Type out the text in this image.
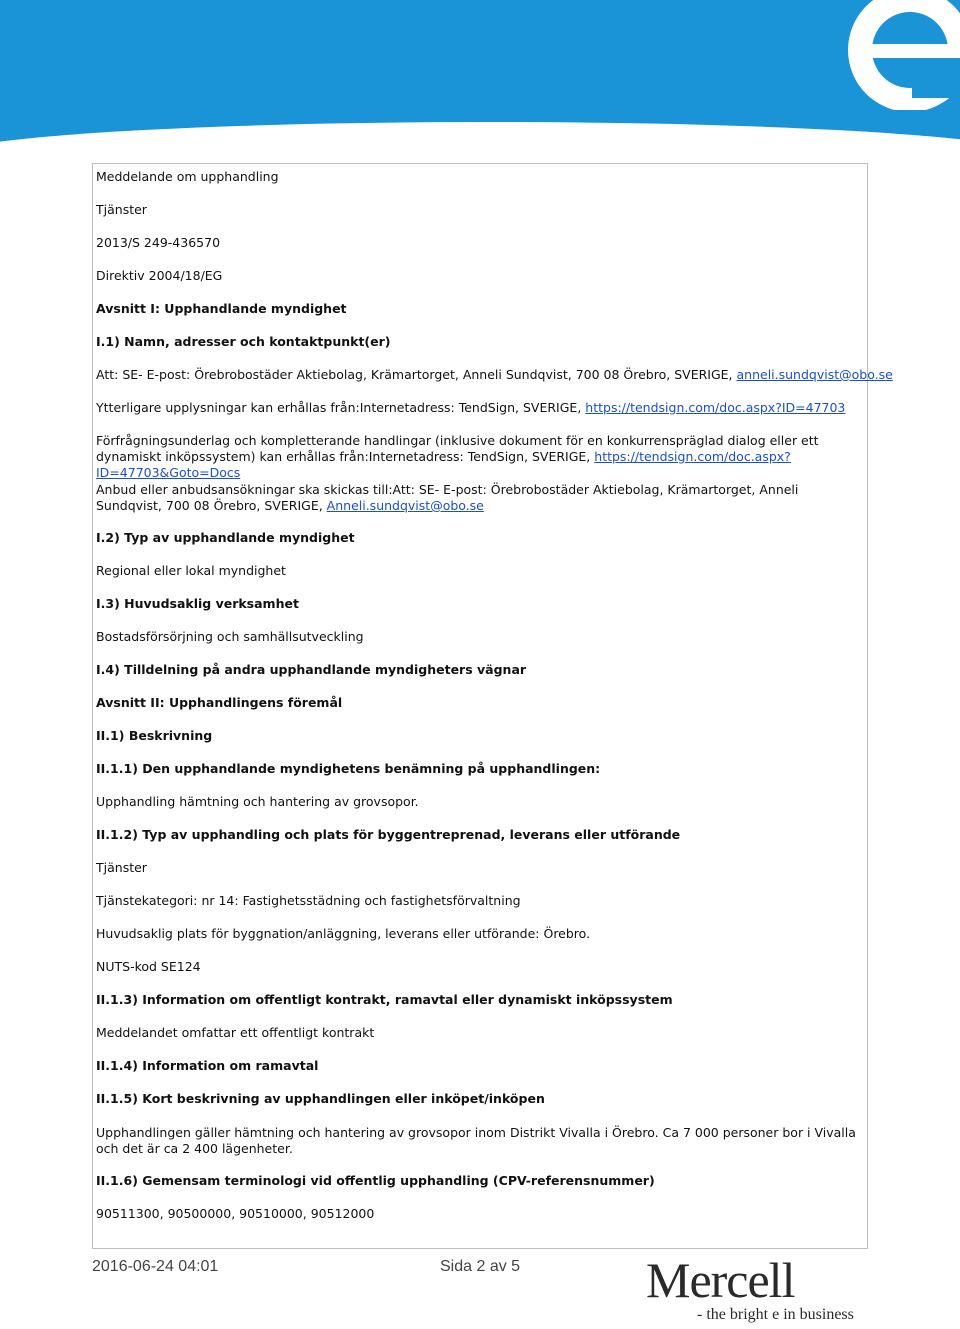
Meddelande om upphandling
Tjänster
2013/S 249-436570
Direktiv 2004/18/EG
Avsnitt I: Upphandlande myndighet
I.1) Namn, adresser och kontaktpunkt(er)
Att: SE- E-post: Örebrobostäder Aktiebolag, Krämartorget, Anneli Sundqvist, 700 08 Örebro, SVERIGE, anneli.sundqvist@obo.se
Ytterligare upplysningar kan erhållas från:Internetadress: TendSign, SVERIGE, https://tendsign.com/doc.aspx?ID=47703
Förfrågningsunderlag och kompletterande handlingar (inklusive dokument för en konkurrenspräglad dialog eller ett dynamiskt inköpssystem) kan erhållas från:Internetadress: TendSign, SVERIGE, https://tendsign.com/doc.aspx?ID=47703&Goto=Docs
Anbud eller anbudsansökningar ska skickas till:Att: SE- E-post: Örebrobostäder Aktiebolag, Krämartorget, Anneli Sundqvist, 700 08 Örebro, SVERIGE, Anneli.sundqvist@obo.se
I.2) Typ av upphandlande myndighet
Regional eller lokal myndighet
I.3) Huvudsaklig verksamhet
Bostadsförsörjning och samhällsutveckling
I.4) Tilldelning på andra upphandlande myndigheters vägnar
Avsnitt II: Upphandlingens föremål
II.1) Beskrivning
II.1.1) Den upphandlande myndighetens benämning på upphandlingen:
Upphandling hämtning och hantering av grovsopor.
II.1.2) Typ av upphandling och plats för byggentreprenad, leverans eller utförande
Tjänster
Tjänstekategori: nr 14: Fastighetsstädning och fastighetsförvaltning
Huvudsaklig plats för byggnation/anläggning, leverans eller utförande: Örebro.
NUTS-kod SE124
II.1.3) Information om offentligt kontrakt, ramavtal eller dynamiskt inköpssystem
Meddelandet omfattar ett offentligt kontrakt
II.1.4) Information om ramavtal
II.1.5) Kort beskrivning av upphandlingen eller inköpet/inköpen
Upphandlingen gäller hämtning och hantering av grovsopor inom Distrikt Vivalla i Örebro. Ca 7 000 personer bor i Vivalla och det är ca 2 400 lägenheter.
II.1.6) Gemensam terminologi vid offentlig upphandling (CPV-referensnummer)
90511300, 90500000, 90510000, 90512000
2016-06-24 04:01	Sida 2 av 5	Mercell
- the bright e in business
